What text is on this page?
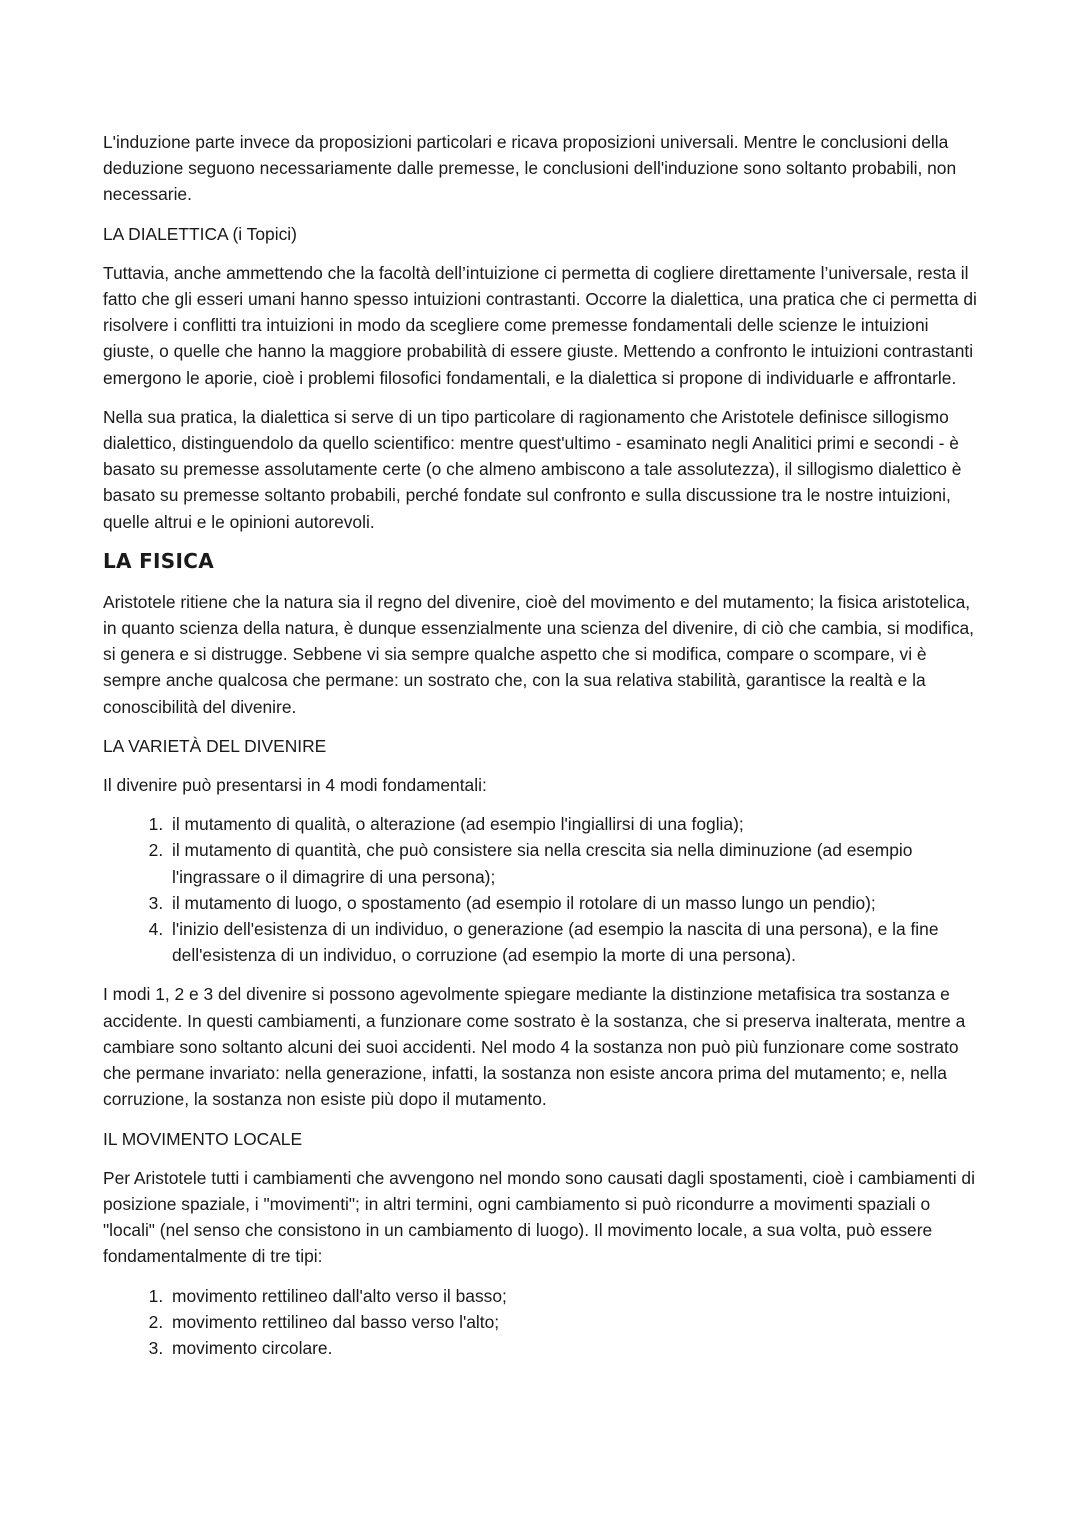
L'induzione parte invece da proposizioni particolari e ricava proposizioni universali. Mentre le conclusioni della deduzione seguono necessariamente dalle premesse, le conclusioni dell'induzione sono soltanto probabili, non necessarie.

LA DIALETTICA (i Topici)

Tuttavia, anche ammettendo che la facoltà dell’intuizione ci permetta di cogliere direttamente l’universale, resta il fatto che gli esseri umani hanno spesso intuizioni contrastanti. Occorre la dialettica, una pratica che ci permetta di risolvere i conflitti tra intuizioni in modo da scegliere come premesse fondamentali delle scienze le intuizioni giuste, o quelle che hanno la maggiore probabilità di essere giuste. Mettendo a confronto le intuizioni contrastanti emergono le aporie, cioè i problemi filosofici fondamentali, e la dialettica si propone di individuarle e affrontarle.

Nella sua pratica, la dialettica si serve di un tipo particolare di ragionamento che Aristotele definisce sillogismo dialettico, distinguendolo da quello scientifico: mentre quest'ultimo - esaminato negli Analitici primi e secondi - è basato su premesse assolutamente certe (o che almeno ambiscono a tale assolutezza), il sillogismo dialettico è basato su premesse soltanto probabili, perché fondate sul confronto e sulla discussione tra le nostre intuizioni, quelle altrui e le opinioni autorevoli.

LA FISICA

Aristotele ritiene che la natura sia il regno del divenire, cioè del movimento e del mutamento; la fisica aristotelica, in quanto scienza della natura, è dunque essenzialmente una scienza del divenire, di ciò che cambia, si modifica, si genera e si distrugge. Sebbene vi sia sempre qualche aspetto che si modifica, compare o scompare, vi è sempre anche qualcosa che permane: un sostrato che, con la sua relativa stabilità, garantisce la realtà e la conoscibilità del divenire.

LA VARIETÀ DEL DIVENIRE

Il divenire può presentarsi in 4 modi fondamentali:

1. il mutamento di qualità, o alterazione (ad esempio l'ingiallirsi di una foglia);
2. il mutamento di quantità, che può consistere sia nella crescita sia nella diminuzione (ad esempio l'ingrassare o il dimagrire di una persona);
3. il mutamento di luogo, o spostamento (ad esempio il rotolare di un masso lungo un pendio);
4. l'inizio dell'esistenza di un individuo, o generazione (ad esempio la nascita di una persona), e la fine dell'esistenza di un individuo, o corruzione (ad esempio la morte di una persona).

I modi 1, 2 e 3 del divenire si possono agevolmente spiegare mediante la distinzione metafisica tra sostanza e accidente. In questi cambiamenti, a funzionare come sostrato è la sostanza, che si preserva inalterata, mentre a cambiare sono soltanto alcuni dei suoi accidenti. Nel modo 4 la sostanza non può più funzionare come sostrato che permane invariato: nella generazione, infatti, la sostanza non esiste ancora prima del mutamento; e, nella corruzione, la sostanza non esiste più dopo il mutamento.

IL MOVIMENTO LOCALE

Per Aristotele tutti i cambiamenti che avvengono nel mondo sono causati dagli spostamenti, cioè i cambiamenti di posizione spaziale, i "movimenti"; in altri termini, ogni cambiamento si può ricondurre a movimenti spaziali o "locali" (nel senso che consistono in un cambiamento di luogo). Il movimento locale, a sua volta, può essere fondamentalmente di tre tipi:

1. movimento rettilineo dall'alto verso il basso;
2. movimento rettilineo dal basso verso l'alto;
3. movimento circolare.
